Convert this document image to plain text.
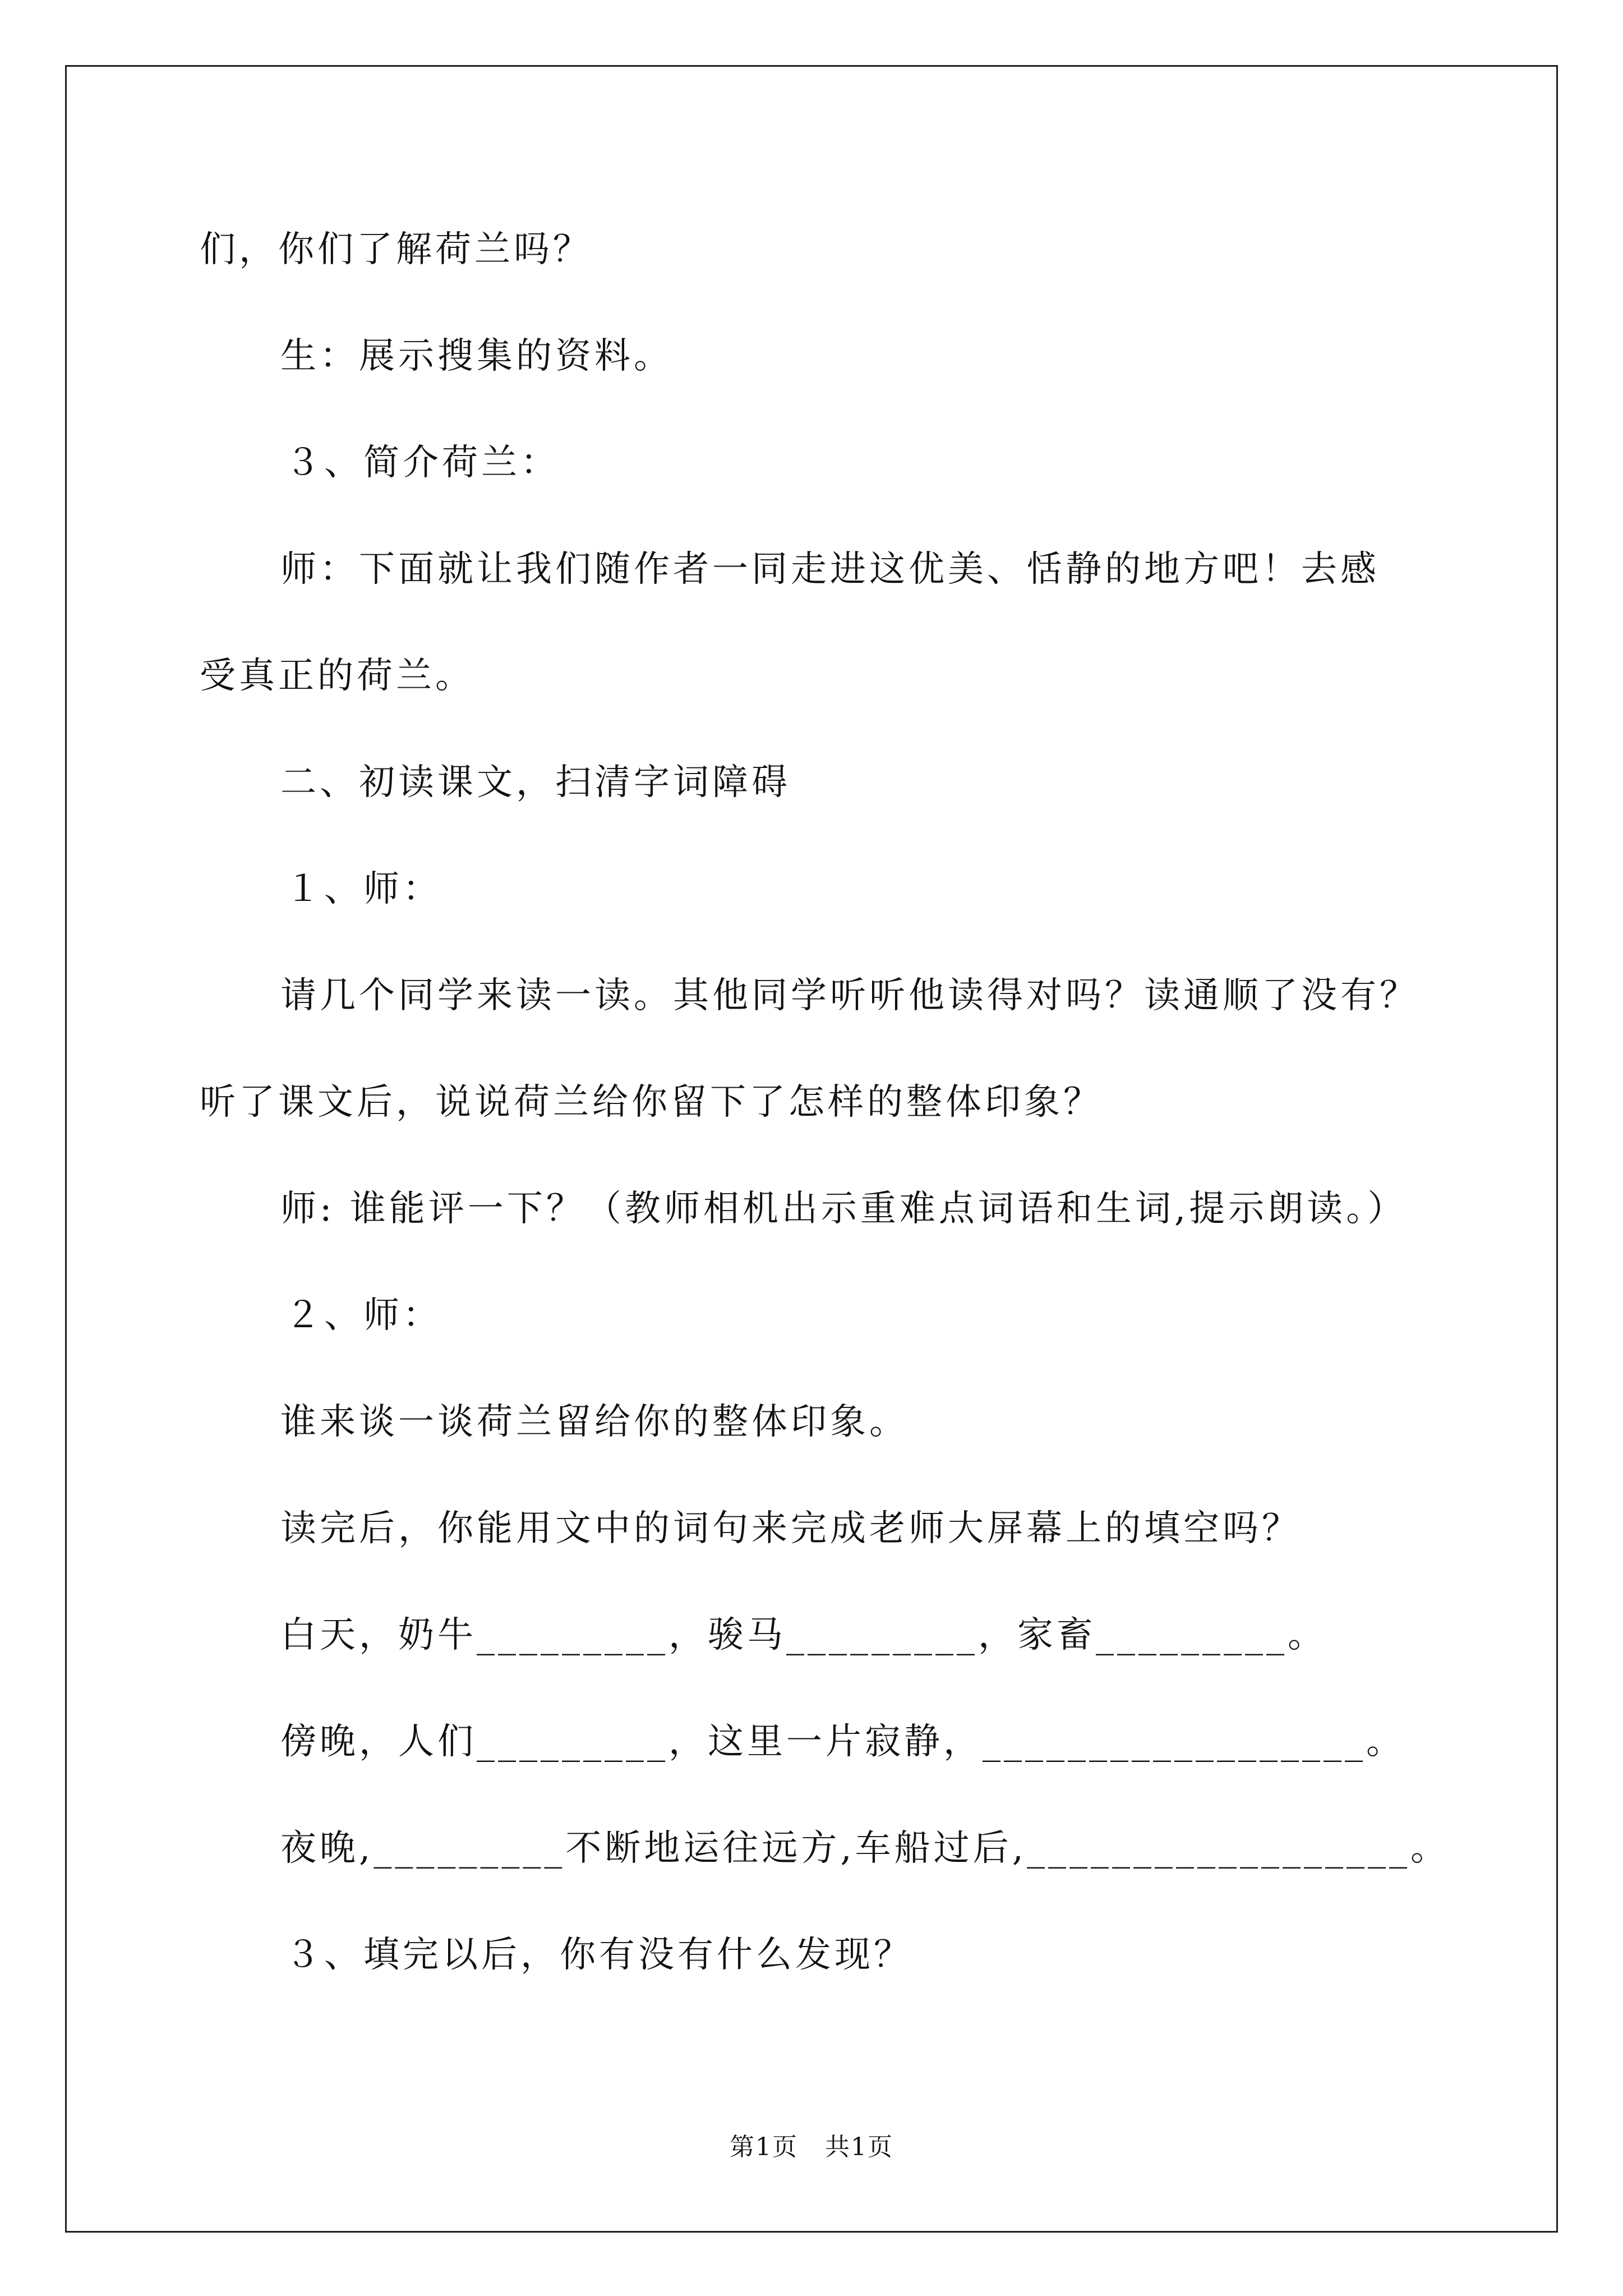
们，你们了解荷兰吗？
生：展示搜集的资料。
３、简介荷兰：
师：下面就让我们随作者一同走进这优美、恬静的地方吧！去感
受真正的荷兰。
二、初读课文，扫清字词障碍
１、师：
请几个同学来读一读。其他同学听听他读得对吗？读通顺了没有？
听了课文后，说说荷兰给你留下了怎样的整体印象？
师: 谁能评一下？（教师相机出示重难点词语和生词,提示朗读。）
２、师：
谁来谈一谈荷兰留给你的整体印象。
读完后，你能用文中的词句来完成老师大屏幕上的填空吗？
白天，奶牛_________，骏马_________，家畜_________。
傍晚，人们_________，这里一片寂静，__________________。
夜晚,_________不断地运往远方,车船过后,__________________。
３、填完以后，你有没有什么发现？
第1页   共1页
